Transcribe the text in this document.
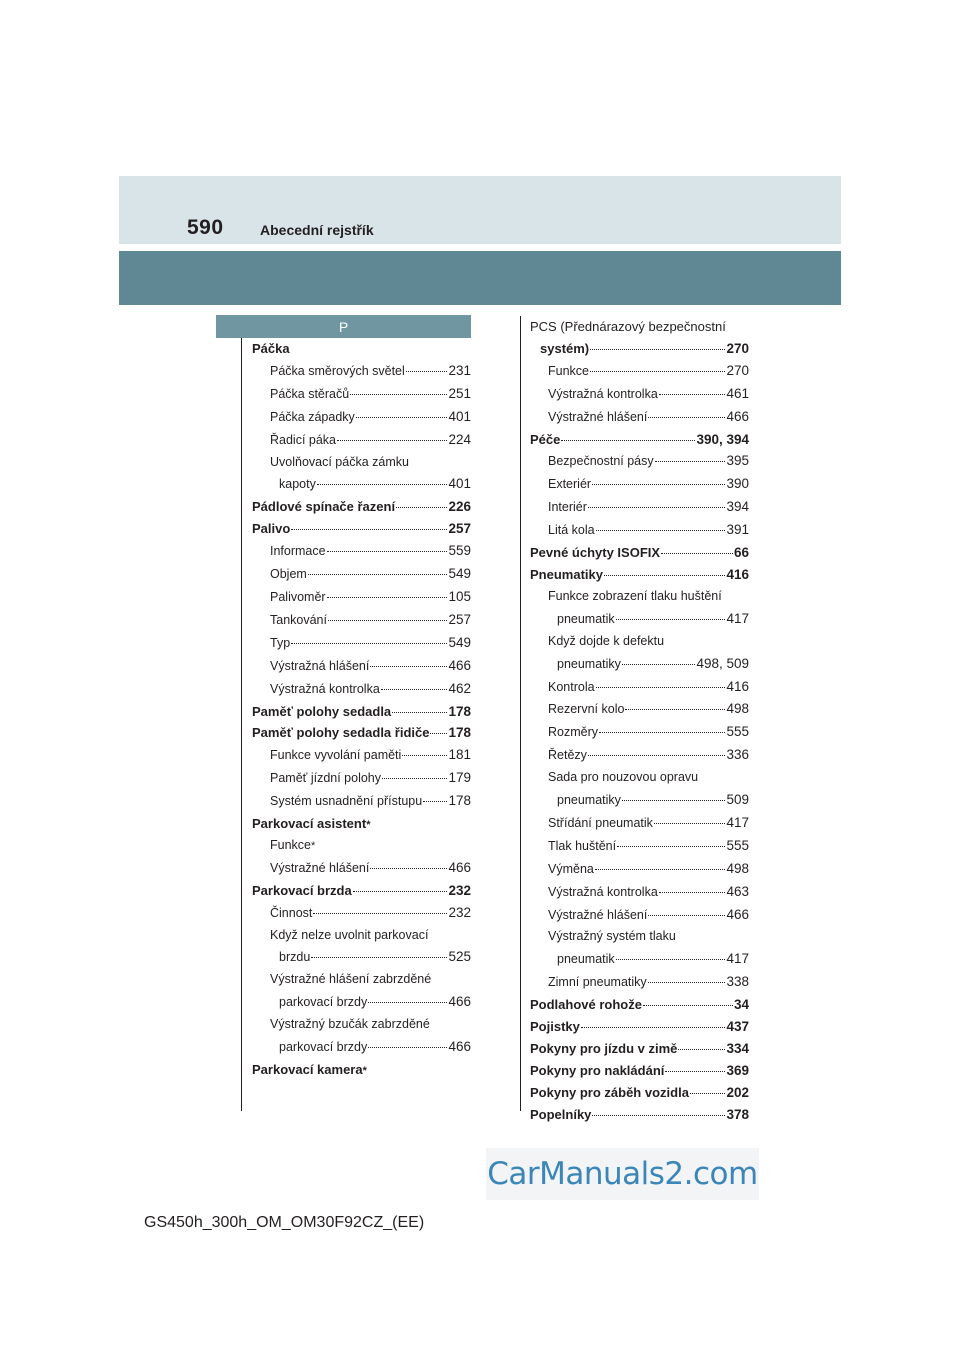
590	Abecední rejstřík
P
Páčka
Páčka směrových světel	231
Páčka stěračů	251
Páčka západky	401
Řadicí páka	224
Uvolňovací páčka zámku
kapoty	401
Pádlové spínače řazení	226
Palivo	257
Informace	559
Objem	549
Palivoměr	105
Tankování	257
Typ	549
Výstražná hlášení	466
Výstražná kontrolka	462
Paměť polohy sedadla	178
Paměť polohy sedadla řidiče 178
Funkce vyvolání paměti	181
Paměť jízdní polohy	179
Systém usnadnění přístupu 178
Parkovací asistent *
Funkce *
Výstražné hlášení	466
Parkovací brzda	232
Činnost	232
Když nelze uvolnit parkovací
brzdu	525
Výstražné hlášení zabrzděné
parkovací brzdy	466
Výstražný bzučák zabrzděné
parkovací brzdy	466
Parkovací kamera *
PCS (Přednárazový bezpečnostní
systém)	270
Funkce	270
Výstražná kontrolka	461
Výstražné hlášení	466
Péče	390, 394
Bezpečnostní pásy	395
Exteriér	390
Interiér	394
Litá kola	391
Pevné úchyty ISOFIX	66
Pneumatiky	416
Funkce zobrazení tlaku huštění
pneumatik	417
Když dojde k defektu
pneumatiky	498, 509
Kontrola	416
Rezervní kolo	498
Rozměry	555
Řetězy	336
Sada pro nouzovou opravu
pneumatiky	509
Střídání pneumatik	417
Tlak huštění	555
Výměna	498
Výstražná kontrolka	463
Výstražné hlášení	466
Výstražný systém tlaku
pneumatik	417
Zimní pneumatiky	338
Podlahové rohože	34
Pojistky	437
Pokyny pro jízdu v zimě	334
Pokyny pro nakládání	369
Pokyny pro záběh vozidla	202
Popelníky	378
GS450h_300h_OM_OM30F92CZ_(EE)
CarManuals2.com
